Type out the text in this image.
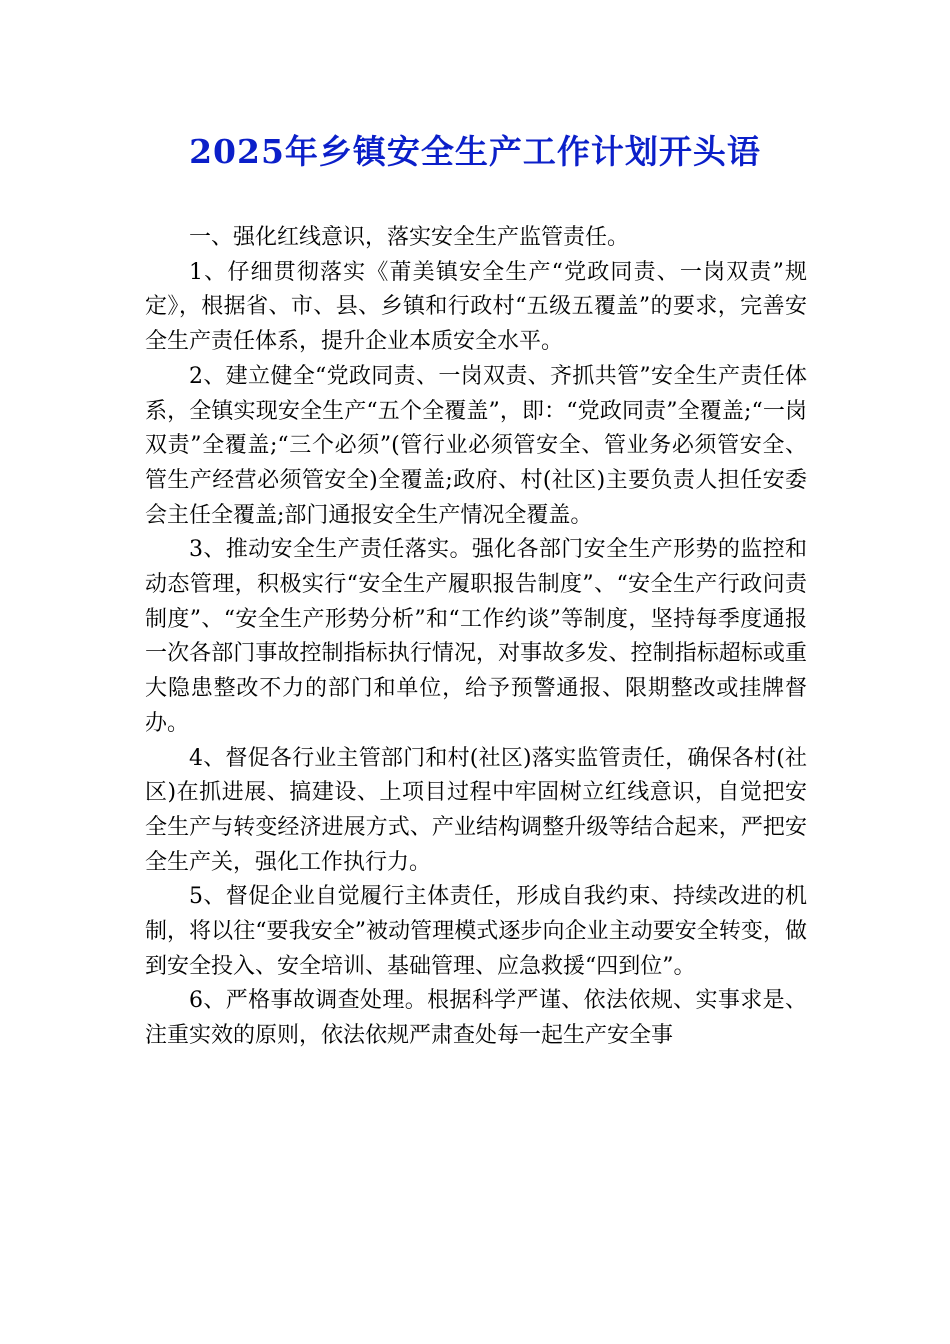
2025年乡镇安全生产工作计划开头语

一、强化红线意识，落实安全生产监管责任。

1、仔细贯彻落实《莆美镇安全生产“党政同责、一岗双责”规定》，根据省、市、县、乡镇和行政村“五级五覆盖”的要求，完善安全生产责任体系，提升企业本质安全水平。

2、建立健全“党政同责、一岗双责、齐抓共管”安全生产责任体系，全镇实现安全生产“五个全覆盖”，即：“党政同责”全覆盖;“一岗双责”全覆盖;“三个必须”(管行业必须管安全、管业务必须管安全、管生产经营必须管安全)全覆盖;政府、村(社区)主要负责人担任安委会主任全覆盖;部门通报安全生产情况全覆盖。

3、推动安全生产责任落实。强化各部门安全生产形势的监控和动态管理，积极实行“安全生产履职报告制度”、“安全生产行政问责制度”、“安全生产形势分析”和“工作约谈”等制度，坚持每季度通报一次各部门事故控制指标执行情况，对事故多发、控制指标超标或重大隐患整改不力的部门和单位，给予预警通报、限期整改或挂牌督办。

4、督促各行业主管部门和村(社区)落实监管责任，确保各村(社区)在抓进展、搞建设、上项目过程中牢固树立红线意识，自觉把安全生产与转变经济进展方式、产业结构调整升级等结合起来，严把安全生产关，强化工作执行力。

5、督促企业自觉履行主体责任，形成自我约束、持续改进的机制，将以往“要我安全”被动管理模式逐步向企业主动要安全转变，做到安全投入、安全培训、基础管理、应急救援“四到位”。

6、严格事故调查处理。根据科学严谨、依法依规、实事求是、注重实效的原则，依法依规严肃查处每一起生产安全事
